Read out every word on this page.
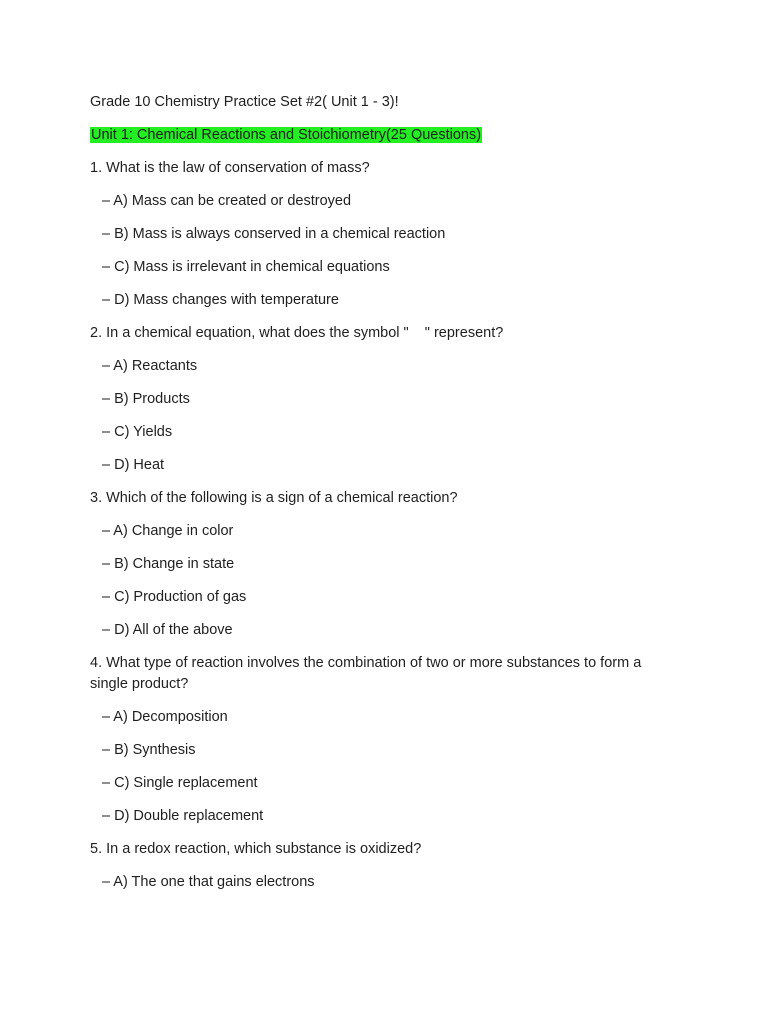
Grade 10 Chemistry Practice Set #2( Unit 1 - 3)!

Unit 1: Chemical Reactions and Stoichiometry(25 Questions)

1. What is the law of conservation of mass?

– A) Mass can be created or destroyed

– B) Mass is always conserved in a chemical reaction

– C) Mass is irrelevant in chemical equations

– D) Mass changes with temperature

2. In a chemical equation, what does the symbol "    " represent?

– A) Reactants

– B) Products

– C) Yields

– D) Heat

3. Which of the following is a sign of a chemical reaction?

– A) Change in color

– B) Change in state

– C) Production of gas

– D) All of the above

4. What type of reaction involves the combination of two or more substances to form a single product?

– A) Decomposition

– B) Synthesis

– C) Single replacement

– D) Double replacement

5. In a redox reaction, which substance is oxidized?

– A) The one that gains electrons
